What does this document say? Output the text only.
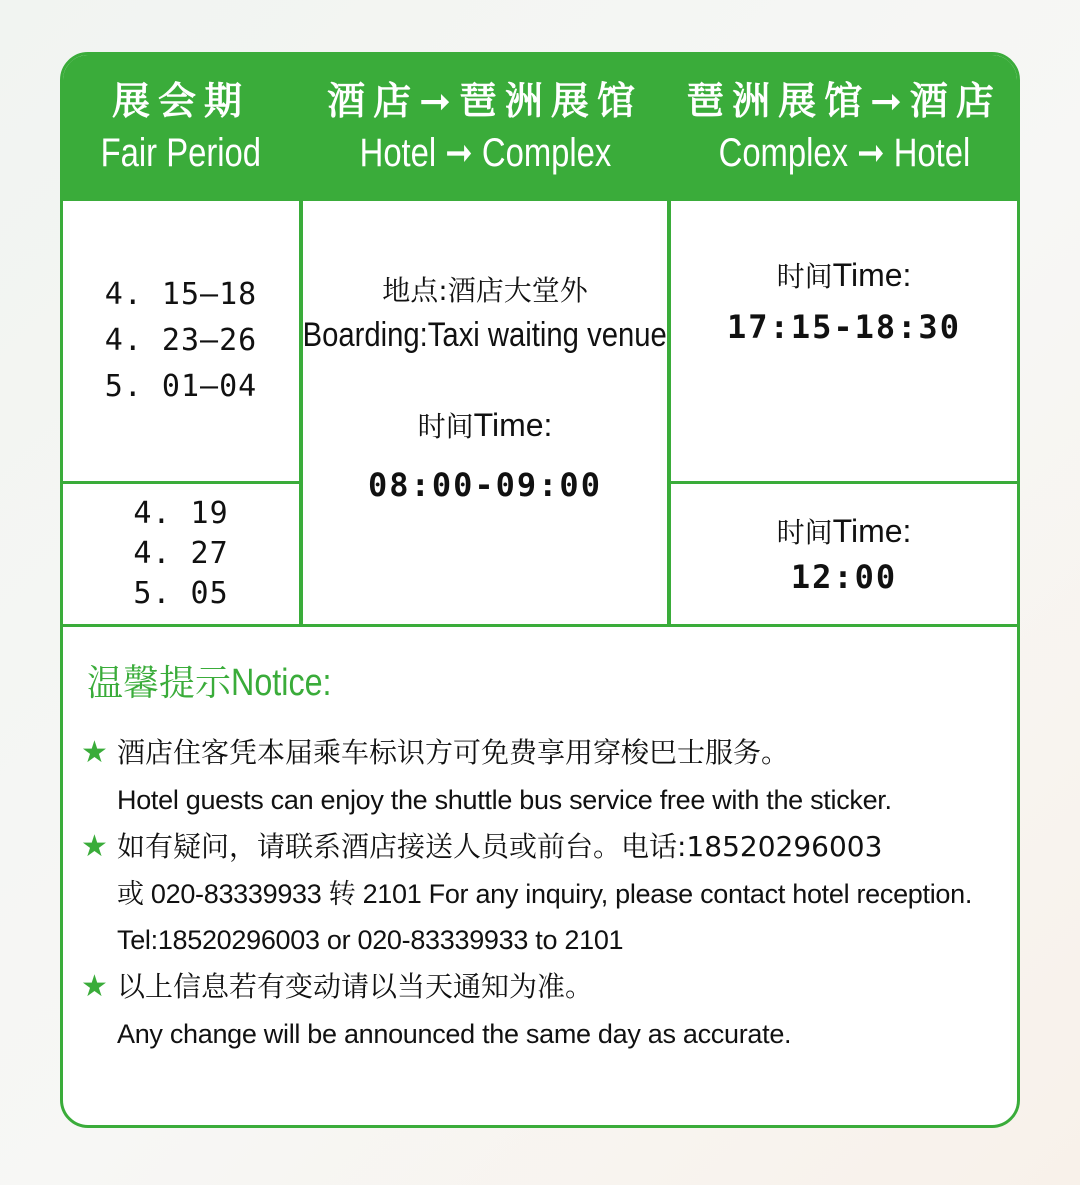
展会期
Fair Period
酒店➞琶洲展馆
Hotel ➞ Complex
琶洲展馆➞酒店
Complex ➞ Hotel
4. 15—18
4. 23—26
5. 01—04
4. 19
4. 27
5. 05
地点:酒店大堂外
Boarding:Taxi waiting venue
时间Time:
08:00-09:00
时间Time:
17:15-18:30
时间Time:
12:00
温馨提示Notice:
★ 酒店住客凭本届乘车标识方可免费享用穿梭巴士服务。
Hotel guests can enjoy the shuttle bus service free with the sticker.
★ 如有疑问，请联系酒店接送人员或前台。电话:18520296003
或 020-83339933 转 2101 For any inquiry, please contact hotel reception.
Tel:18520296003 or 020-83339933 to 2101
★ 以上信息若有变动请以当天通知为准。
Any change will be announced the same day as accurate.
